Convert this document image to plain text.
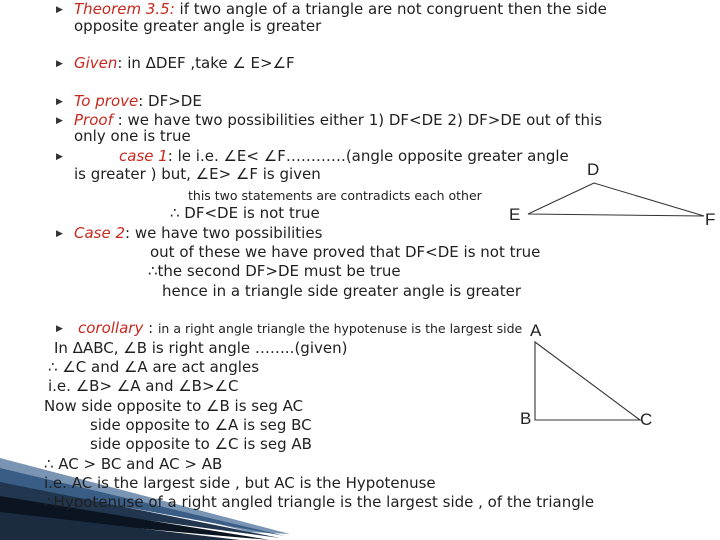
D
E	F
A
B	C
▶
▶
▶
▶
▶
▶
▶
Theorem 3.5: if two angle of a triangle are not congruent then the side
opposite greater angle is greater
Given: in ΔDEF ,take ∠ E>∠F
To prove: DF>DE
Proof : we have two possibilities either 1) DF<DE 2) DF>DE out of this
only one is true
case 1: le i.e. ∠E< ∠F…………(angle opposite greater angle
is greater ) but, ∠E> ∠F is given
this two statements are contradicts each other
∴ DF<DE is not true
Case 2: we have two possibilities
out of these we have proved that DF<DE is not true
∴the second DF>DE must be true
hence in a triangle side greater angle is greater
corollary : in a right angle triangle the hypotenuse is the largest side
In ΔABC, ∠B is right angle ……..(given)
∴ ∠C and ∠A are act angles
i.e. ∠B> ∠A and ∠B>∠C
Now side opposite to ∠B is seg AC
side opposite to ∠A is seg BC
side opposite to ∠C is seg AB
∴ AC > BC and AC > AB
i.e. AC is the largest side , but AC is the Hypotenuse
∴Hypotenuse of a right angled triangle is the largest side , of the triangle
